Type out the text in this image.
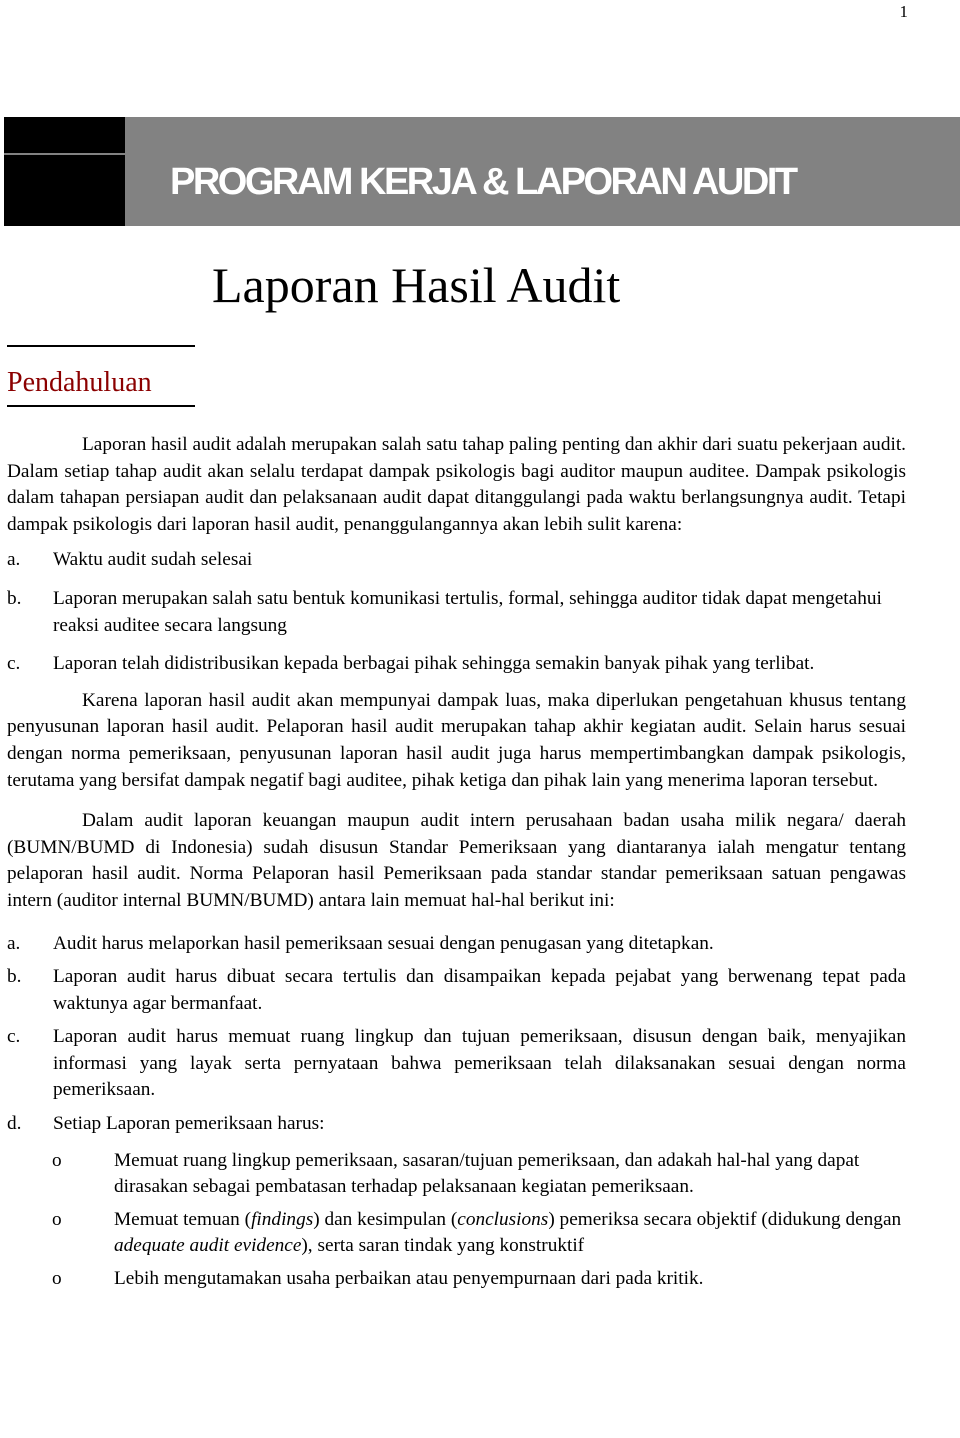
1
PROGRAM KERJA & LAPORAN AUDIT
Laporan Hasil Audit
Pendahuluan

Laporan hasil audit adalah merupakan salah satu tahap paling penting dan akhir dari suatu pekerjaan audit. Dalam setiap tahap audit akan selalu terdapat dampak psikologis bagi auditor maupun auditee. Dampak psikologis dalam tahapan persiapan audit dan pelaksanaan audit dapat ditanggulangi pada waktu berlangsungnya audit. Tetapi dampak psikologis dari laporan hasil audit, penanggulangannya akan lebih sulit karena:

a.	Waktu audit sudah selesai
b.	Laporan merupakan salah satu bentuk komunikasi tertulis, formal, sehingga auditor tidak dapat mengetahui reaksi auditee secara langsung
c.	Laporan telah didistribusikan kepada berbagai pihak sehingga semakin banyak pihak yang terlibat.

Karena laporan hasil audit akan mempunyai dampak luas, maka diperlukan pengetahuan khusus tentang penyusunan laporan hasil audit. Pelaporan hasil audit merupakan tahap akhir kegiatan audit. Selain harus sesuai dengan norma pemeriksaan, penyusunan laporan hasil audit juga harus mempertimbangkan dampak psikologis, terutama yang bersifat dampak negatif bagi auditee, pihak ketiga dan pihak lain yang menerima laporan tersebut.

Dalam audit laporan keuangan maupun audit intern perusahaan badan usaha milik negara/ daerah (BUMN/BUMD di Indonesia) sudah disusun Standar Pemeriksaan yang diantaranya ialah mengatur tentang pelaporan hasil audit. Norma Pelaporan hasil Pemeriksaan pada standar standar pemeriksaan satuan pengawas intern (auditor internal BUMN/BUMD) antara lain memuat hal-hal berikut ini:

a.	Audit harus melaporkan hasil pemeriksaan sesuai dengan penugasan yang ditetapkan.
b.	Laporan audit harus dibuat secara tertulis dan disampaikan kepada pejabat yang berwenang tepat pada waktunya agar bermanfaat.
c.	Laporan audit harus memuat ruang lingkup dan tujuan pemeriksaan, disusun dengan baik, menyajikan informasi yang layak serta pernyataan bahwa pemeriksaan telah dilaksanakan sesuai dengan norma pemeriksaan.
d.	Setiap Laporan pemeriksaan harus:
o	Memuat ruang lingkup pemeriksaan, sasaran/tujuan pemeriksaan, dan adakah hal-hal yang dapat dirasakan sebagai pembatasan terhadap pelaksanaan kegiatan pemeriksaan.
o	Memuat temuan (findings) dan kesimpulan (conclusions) pemeriksa secara objektif (didukung dengan adequate audit evidence), serta saran tindak yang konstruktif
o	Lebih mengutamakan usaha perbaikan atau penyempurnaan dari pada kritik.
